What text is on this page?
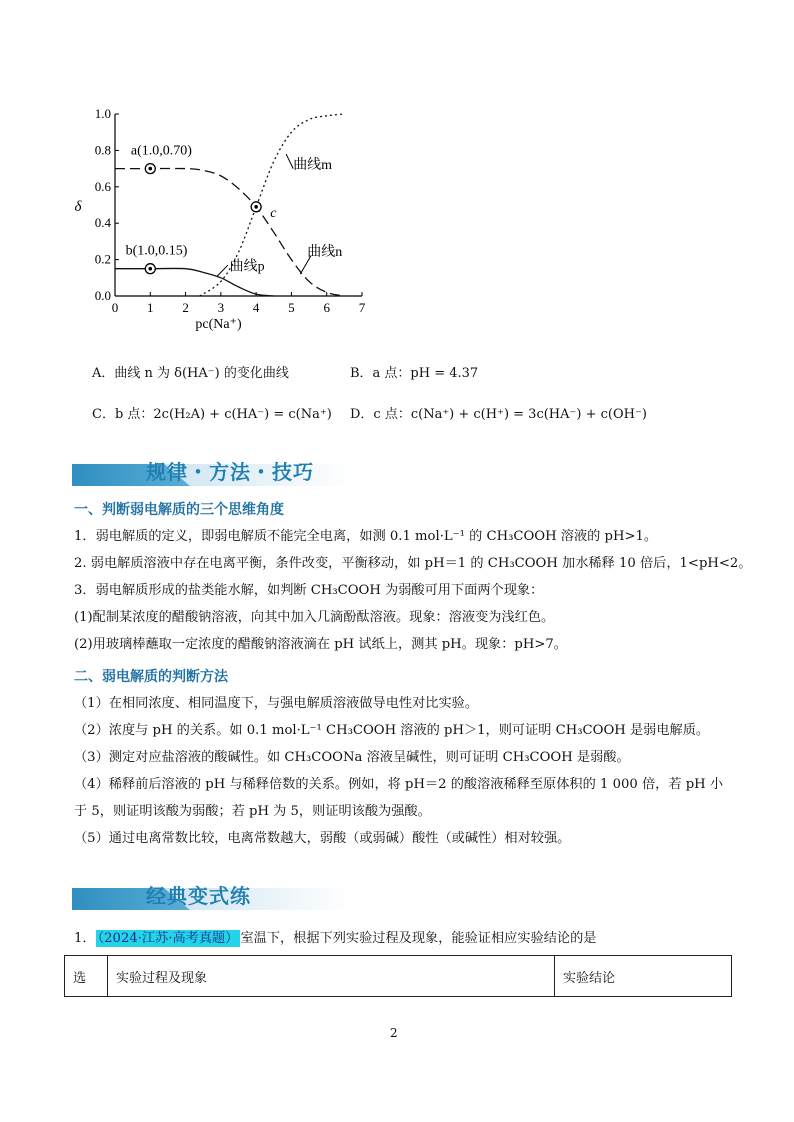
0 1 2 3 4 5 6 7
0.0
0.2
0.4
0.6
0.8
1.0
pc(Na⁺)
δ
a(1.0,0.70)
b(1.0,0.15)
c
曲线m
曲线n
曲线p
A．曲线 n 为 δ(HA⁻) 的变化曲线	B．a 点：pH = 4.37
C．b 点：2c(H₂A) + c(HA⁻) = c(Na⁺) D．c 点：c(Na⁺) + c(H⁺) = 3c(HA⁻) + c(OH⁻)
规律・方法・技巧
一、判断弱电解质的三个思维角度
1．弱电解质的定义，即弱电解质不能完全电离，如测 0.1 mol·L⁻¹ 的 CH₃COOH 溶液的 pH>1。
2. 弱电解质溶液中存在电离平衡，条件改变，平衡移动，如 pH＝1 的 CH₃COOH 加水稀释 10 倍后，1<pH<2。
3．弱电解质形成的盐类能水解，如判断 CH₃COOH 为弱酸可用下面两个现象：
(1)配制某浓度的醋酸钠溶液，向其中加入几滴酚酞溶液。现象：溶液变为浅红色。
(2)用玻璃棒蘸取一定浓度的醋酸钠溶液滴在 pH 试纸上，测其 pH。现象：pH>7。
二、弱电解质的判断方法
（1）在相同浓度、相同温度下，与强电解质溶液做导电性对比实验。
（2）浓度与 pH 的关系。如 0.1 mol·L⁻¹ CH₃COOH 溶液的 pH＞1，则可证明 CH₃COOH 是弱电解质。
（3）测定对应盐溶液的酸碱性。如 CH₃COONa 溶液呈碱性，则可证明 CH₃COOH 是弱酸。
（4）稀释前后溶液的 pH 与稀释倍数的关系。例如，将 pH＝2 的酸溶液稀释至原体积的 1 000 倍，若 pH 小
于 5，则证明该酸为弱酸；若 pH 为 5，则证明该酸为强酸。
（5）通过电离常数比较，电离常数越大，弱酸（或弱碱）酸性（或碱性）相对较强。
经典变式练
1． （2024·江苏·高考真题） 室温下，根据下列实验过程及现象，能验证相应实验结论的是
选	实验过程及现象	实验结论
2
